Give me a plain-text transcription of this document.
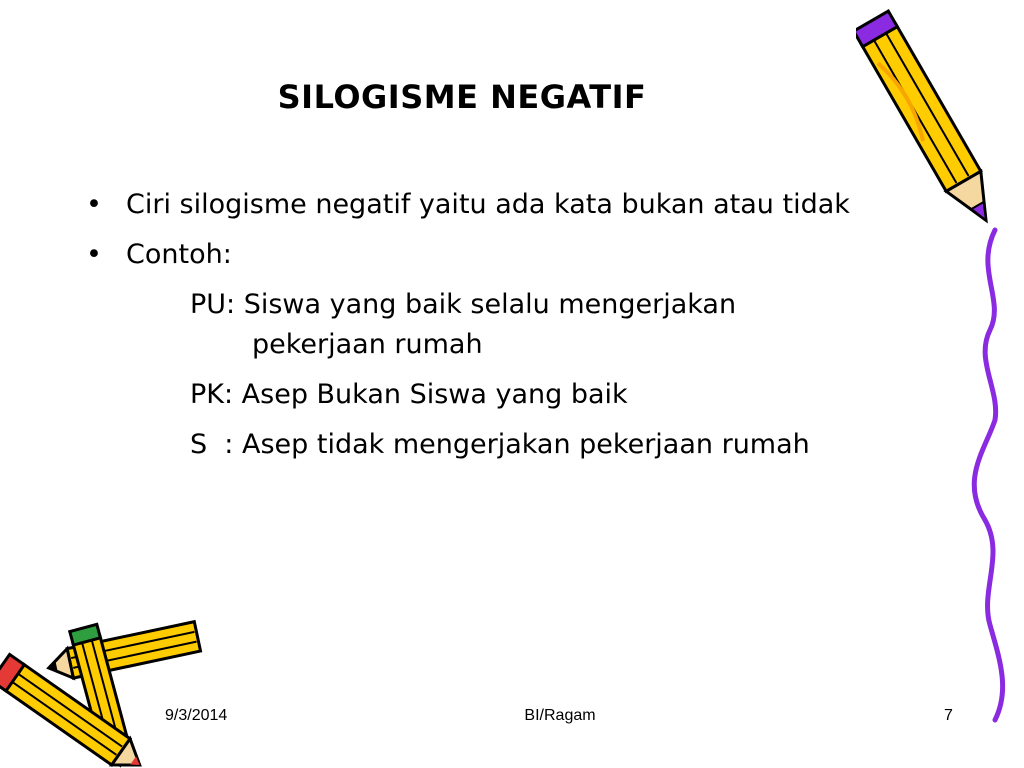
SILOGISME NEGATIF
• Ciri silogisme negatif yaitu ada kata bukan atau tidak
• Contoh:
PU: Siswa yang baik selalu mengerjakan
pekerjaan rumah
PK: Asep Bukan Siswa yang baik
S  : Asep tidak mengerjakan pekerjaan rumah
9/3/2014	BI/Ragam	7
